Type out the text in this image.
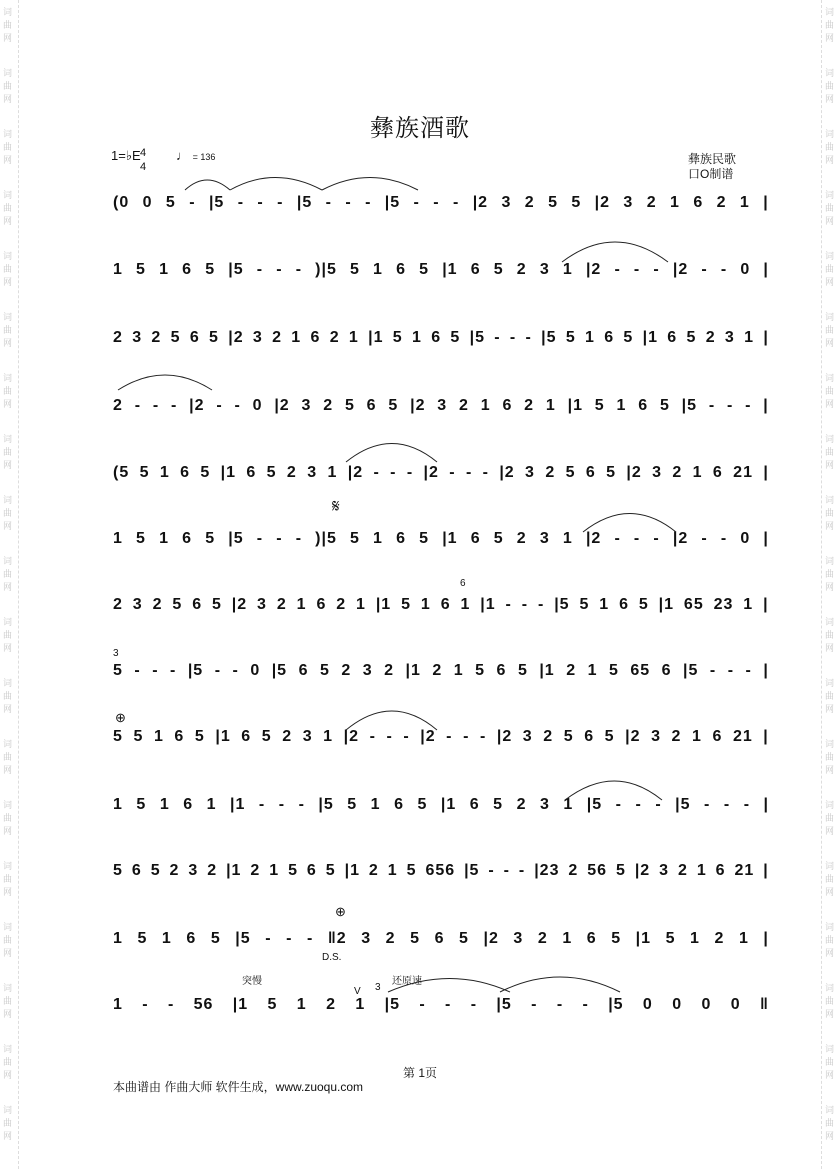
词
曲
网
词
曲
网
词
曲
网
词
曲
网
词
曲
网
词
曲
网
词
曲
网
词
曲
网
词
曲
网
词
曲
网
词
曲
网
词
曲
网
词
曲
网
词
曲
网
词
曲
网
词
曲
网
词
曲
网
词
曲
网
词
曲
网
词
曲
网
词
曲
网
词
曲
网
词
曲
网
词
曲
网
词
曲
网
词
曲
网
词
曲
网
词
曲
网
词
曲
网
词
曲
网
词
曲
网
词
曲
网
词
曲
网
词
曲
网
词
曲
网
词
曲
网
词
曲
网
词
曲
网
彝族酒歌
1=♭E 4
4
♩ = 136	彝族民歌
口O制谱
(0 0 5 - |5 - - - |5 - - - |5 - - - |2 3 2 5 5 |2 3 2 1 6 2 1 |
1 5 1 6 5 |5 - - - )|5 5 1 6 5 |1 6 5 2 3 1 |2 - - - |2 - - 0 |
2 3 2 5 6 5 |2 3 2 1 6 2 1 |1 5 1 6 5 |5 - - - |5 5 1 6 5 |1 6 5 2 3 1 |
2 - - - |2 - - 0 |2 3 2 5 6 5 |2 3 2 1 6 2 1 |1 5 1 6 5 |5 - - - |
(5 5 1 6 5 |1 6 5 2 3 1 |2 - - - |2 - - - |2 3 2 5 6 5 |2 3 2 1 6 21 |
1 5 1 6 5 |5 - - - )|5 5 1 6 5 |1 6 5 2 3 1 |2 - - - |2 - - 0 |
2 3 2 5 6 5 |2 3 2 1 6 2 1 |1 5 1 6 1 |1 - - - |5 5 1 6 5 |1 65 23 1 |
5 - - - |5 - - 0 |5 6 5 2 3 2 |1 2 1 5 6 5 |1 2 1 5 65 6 |5 - - - |
5 5 1 6 5 |1 6 5 2 3 1 |2 - - - |2 - - - |2 3 2 5 6 5 |2 3 2 1 6 21 |
1 5 1 6 1 |1 - - - |5 5 1 6 5 |1 6 5 2 3 1 |5 - - - |5 - - - |
5 6 5 2 3 2 |1 2 1 5 6 5 |1 2 1 5 656 |5 - - - |23 2 56 5 |2 3 2 1 6 21 |
1 5 1 6 5 |5 - - - ‖2 3 2 5 6 5 |2 3 2 1 6 5 |1 5 1 2 1 |
1 - - 56 |1 5 1 2 1 |5 - - - |5 - - - |5 0 0 0 0 ‖
𝄋
⊕
⊕
D.S.
突慢	还原速
6
3
3
V
第 1页
本曲谱由 作曲大师 软件生成，www.zuoqu.com
